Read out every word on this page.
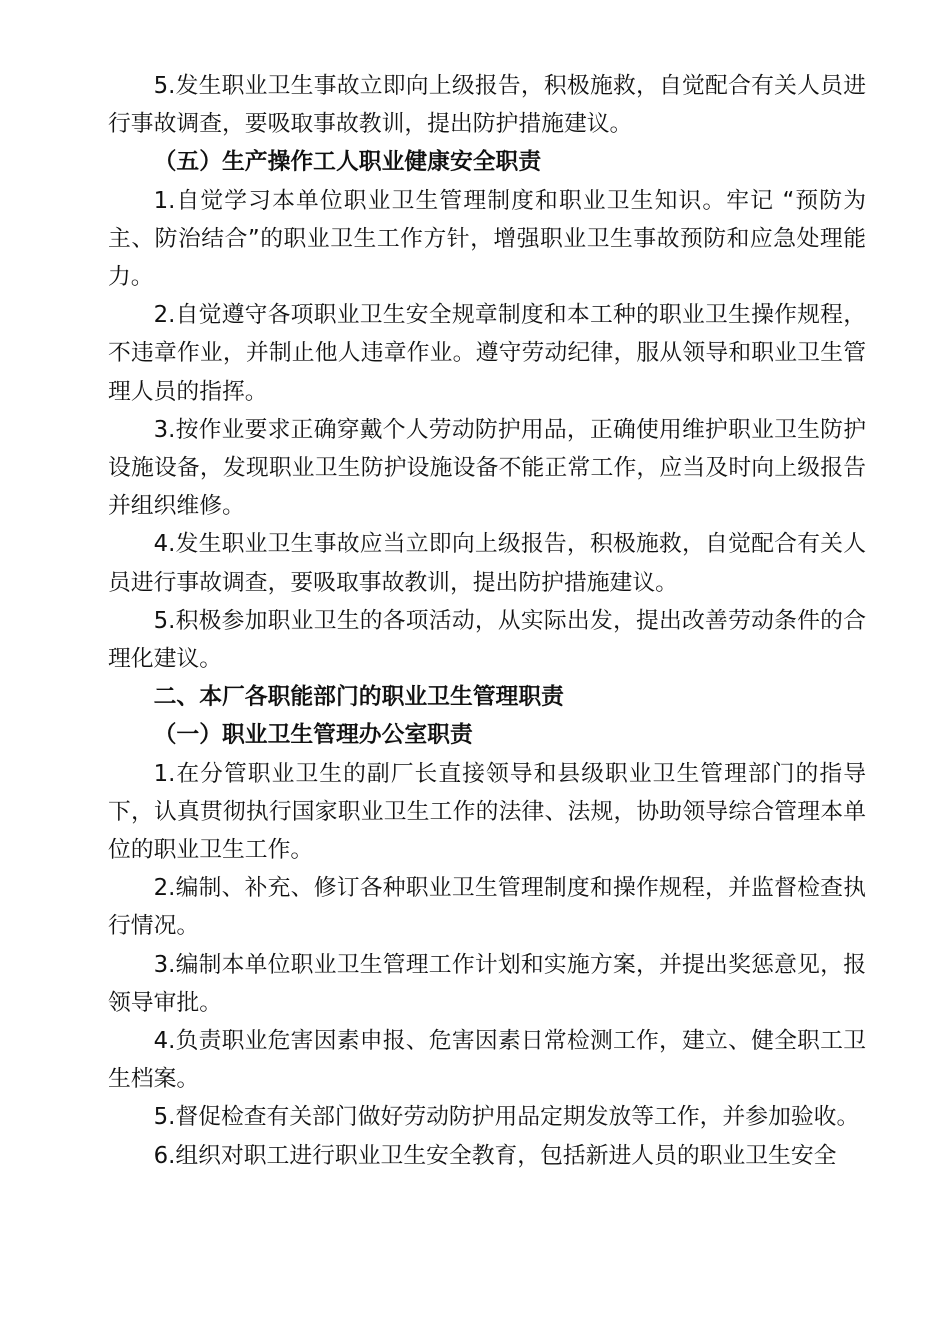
5.发生职业卫生事故立即向上级报告，积极施救，自觉配合有关人员进行事故调查，要吸取事故教训，提出防护措施建议。

（五）生产操作工人职业健康安全职责

1.自觉学习本单位职业卫生管理制度和职业卫生知识。牢记 “预防为主、防治结合”的职业卫生工作方针，增强职业卫生事故预防和应急处理能力。

2.自觉遵守各项职业卫生安全规章制度和本工种的职业卫生操作规程，不违章作业，并制止他人违章作业。遵守劳动纪律，服从领导和职业卫生管理人员的指挥。

3.按作业要求正确穿戴个人劳动防护用品，正确使用维护职业卫生防护设施设备，发现职业卫生防护设施设备不能正常工作，应当及时向上级报告并组织维修。

4.发生职业卫生事故应当立即向上级报告，积极施救，自觉配合有关人员进行事故调查，要吸取事故教训，提出防护措施建议。

5.积极参加职业卫生的各项活动，从实际出发，提出改善劳动条件的合理化建议。

二、本厂各职能部门的职业卫生管理职责

（一）职业卫生管理办公室职责

1.在分管职业卫生的副厂长直接领导和县级职业卫生管理部门的指导下，认真贯彻执行国家职业卫生工作的法律、法规，协助领导综合管理本单位的职业卫生工作。

2.编制、补充、修订各种职业卫生管理制度和操作规程，并监督检查执行情况。

3.编制本单位职业卫生管理工作计划和实施方案，并提出奖惩意见，报领导审批。

4.负责职业危害因素申报、危害因素日常检测工作，建立、健全职工卫生档案。

5.督促检查有关部门做好劳动防护用品定期发放等工作，并参加验收。

6.组织对职工进行职业卫生安全教育，包括新进人员的职业卫生安全
